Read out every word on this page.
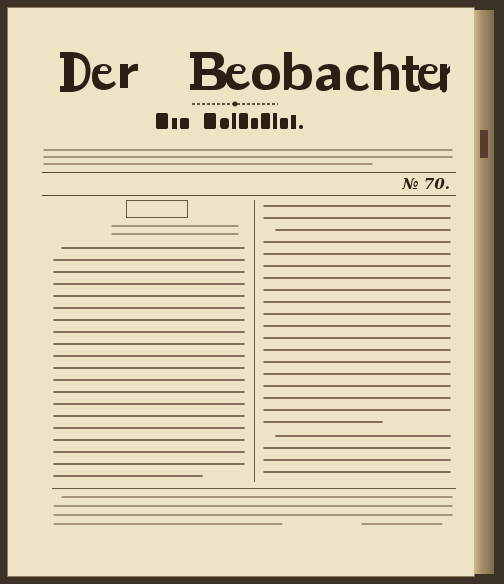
№ 70.
